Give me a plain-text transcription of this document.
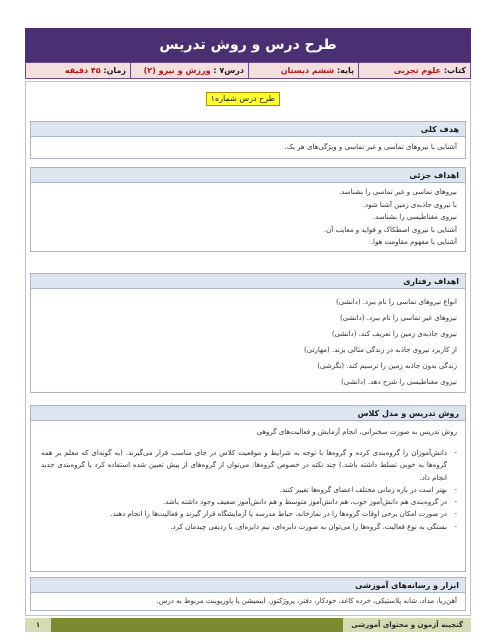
طرح درس و روش تدریس
کتاب: علوم تجربی
پایه: ششم دبستان
درس۷ : ورزش و نیرو (۲)
زمان: ۴۵ دقیقه
طرح درس شماره۱
هدف کلی
آشنایی با نیروهای تماسی و غیر تماسی و ویژگی‌های هر یک.
اهداف جزئی
نیروهای تماسی و غیر تماسی را بشناسد.
با نیروی جاذبه‌ی زمین آشنا شود.
نیروی مغناطیسی را بشناسد.
آشنایی با نیروی اصطکاک و فواید و معایب آن.
آشنایی با مفهوم مقاومت هوا.
اهداف رفتاری
انواع نیروهای تماسی را نام ببرد. (دانشی)
نیروهای غیر تماسی را نام ببرد. (دانشی)
نیروی جاذبه‌ی زمین را تعریف کند. (دانشی)
از کاربرد نیروی جاذبه در زندگی مثالی بزند. (مهارتی)
زندگی بدون جاذبه زمین را ترسیم کند. (نگرشی)
نیروی مغناطیسی را شرح دهد. (دانشی)
روش تدریس و مدل کلاس
روش تدریس به صورت سخنرانی، انجام آزمایش و فعالیت‌های گروهی
- دانش‌آموزان را گروه‌بندی کرده و گروه‌ها با توجه به شرایط و موقعیت کلاس در جای مناسب قرار می‌گیرند. (به گونه‌ای که معلم بر همه گروه‌ها به خوبی تسلط داشته باشد.) چند نکته در خصوص گروه‌ها: می‌توان از گروه‌های از پیش تعیین شده استفاده کرد یا گروه‌بندی جدید انجام داد.
- بهتر است در بازه زمانی مختلف اعضای گروه‌ها تغییر کنند.
- در گروه‌بندی هم دانش‌آموز خوب، هم دانش‌آموز متوسط و هم دانش‌آموز ضعیف وجود داشته باشد.
- در صورت امکان برخی اوقات گروه‌ها را در نمازخانه، حیاط مدرسه یا آزمایشگاه قرار گیرند و فعالیت‌ها را انجام دهند.
- بستگی به نوع فعالیت، گروه‌ها را می‌توان به صورت دایره‌ای، نیم دایره‌ای، یا ردیفی چیدمان کرد.
ابزار و رسانه‌های آموزشی
آهن‌ربا، مداد، شانه پلاستیکی، خرده کاغذ، خودکار، دفتر، پروژکتور، اینمیشن یا پاورپوینت مربوط به درس.
گنجینه آزمون و محتوای آموزشی
۱
